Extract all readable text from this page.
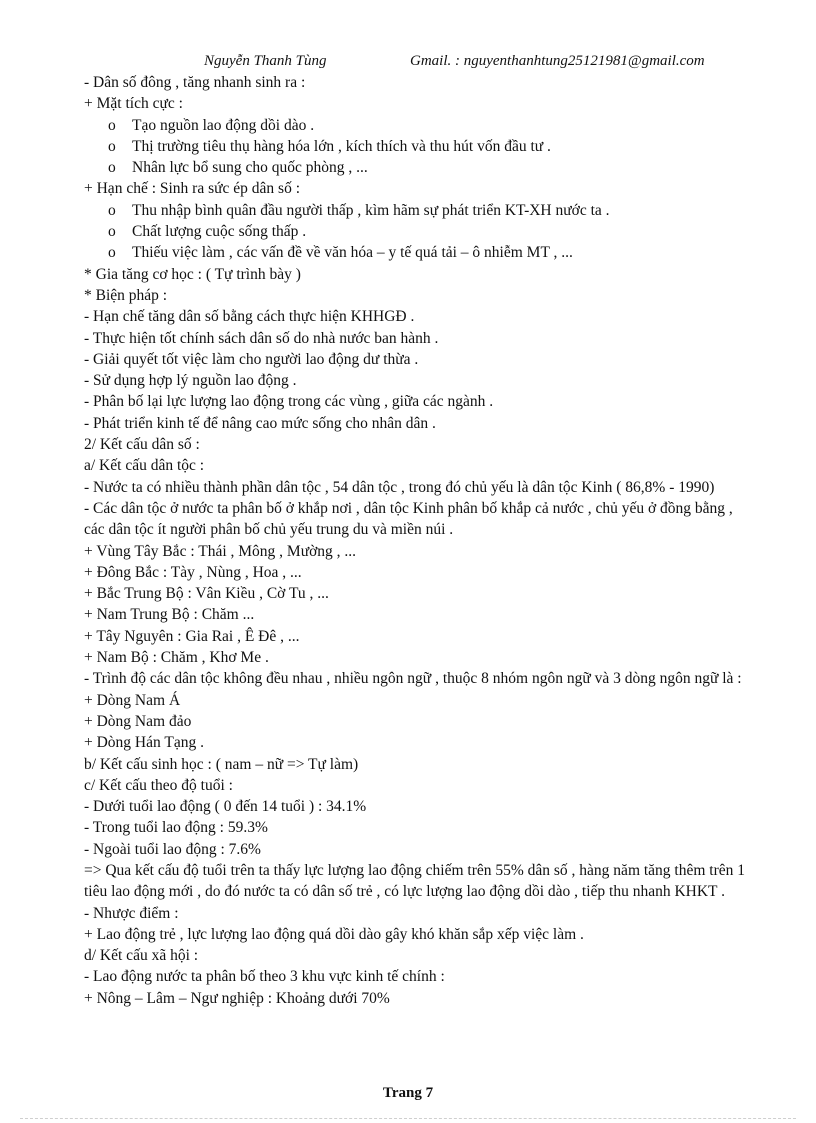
Nguyễn Thanh Tùng	Gmail. : nguyenthanhtung25121981@gmail.com

- Dân số đông , tăng nhanh sinh ra :

+ Mặt tích cực :

o Tạo nguồn lao động dồi dào .

o Thị trường tiêu thụ hàng hóa lớn , kích thích và thu hút vốn đầu tư .

o Nhân lực bổ sung cho quốc phòng , ...

+ Hạn chế : Sinh ra sức ép dân số :

o Thu nhập bình quân đầu người thấp , kìm hãm sự phát triển KT-XH nước ta .

o Chất lượng cuộc sống thấp .

o Thiếu việc làm , các vấn đề về văn hóa – y tế quá tải – ô nhiễm MT , ...

* Gia tăng cơ học : ( Tự trình bày )

* Biện pháp :

- Hạn chế tăng dân số bằng cách thực hiện KHHGĐ .

- Thực hiện tốt chính sách dân số do nhà nước ban hành .

- Giải quyết tốt việc làm cho người lao động dư thừa .

- Sử dụng hợp lý nguồn lao động .

- Phân bố lại lực lượng lao động trong các vùng , giữa các ngành .

- Phát triển kinh tế để nâng cao mức sống cho nhân dân .

2/ Kết cấu dân số :

a/ Kết cấu dân tộc :

- Nước ta có nhiều thành phần dân tộc , 54 dân tộc , trong đó chủ yếu là dân tộc Kinh ( 86,8% - 1990)

- Các dân tộc ở nước ta phân bố ở khắp nơi , dân tộc Kinh phân bố khắp cả nước , chủ yếu ở đồng bằng , các dân tộc ít người phân bố chủ yếu trung du và miền núi .

+ Vùng Tây Bắc : Thái , Mông , Mường , ...

+ Đông Bắc : Tày , Nùng , Hoa , ...

+ Bắc Trung Bộ : Vân Kiều , Cờ Tu , ...

+ Nam Trung Bộ : Chăm ...

+ Tây Nguyên : Gia Rai , Ê Đê , ...

+ Nam Bộ : Chăm , Khơ Me .

- Trình độ các dân tộc không đều nhau , nhiều ngôn ngữ , thuộc 8 nhóm ngôn ngữ và 3 dòng ngôn ngữ là :

+ Dòng Nam Á

+ Dòng Nam đảo

+ Dòng Hán Tạng .

b/ Kết cấu sinh học : ( nam – nữ => Tự làm)

c/ Kết cấu theo độ tuổi :

- Dưới tuổi lao động ( 0 đến 14 tuổi ) : 34.1%

- Trong tuổi lao động : 59.3%

- Ngoài tuổi lao động : 7.6%

=> Qua kết cấu độ tuổi trên ta thấy lực lượng lao động chiếm trên 55% dân số , hàng năm tăng thêm trên 1 tiêu lao động mới , do đó nước ta có dân số trẻ , có lực lượng lao động dồi dào , tiếp thu nhanh KHKT .

- Nhược điểm :

+ Lao động trẻ , lực lượng lao động quá dồi dào gây khó khăn sắp xếp việc làm .

d/ Kết cấu xã hội :

- Lao động nước ta phân bố theo 3 khu vực kinh tế chính :

+ Nông – Lâm – Ngư nghiệp : Khoảng dưới 70%

Trang 7
